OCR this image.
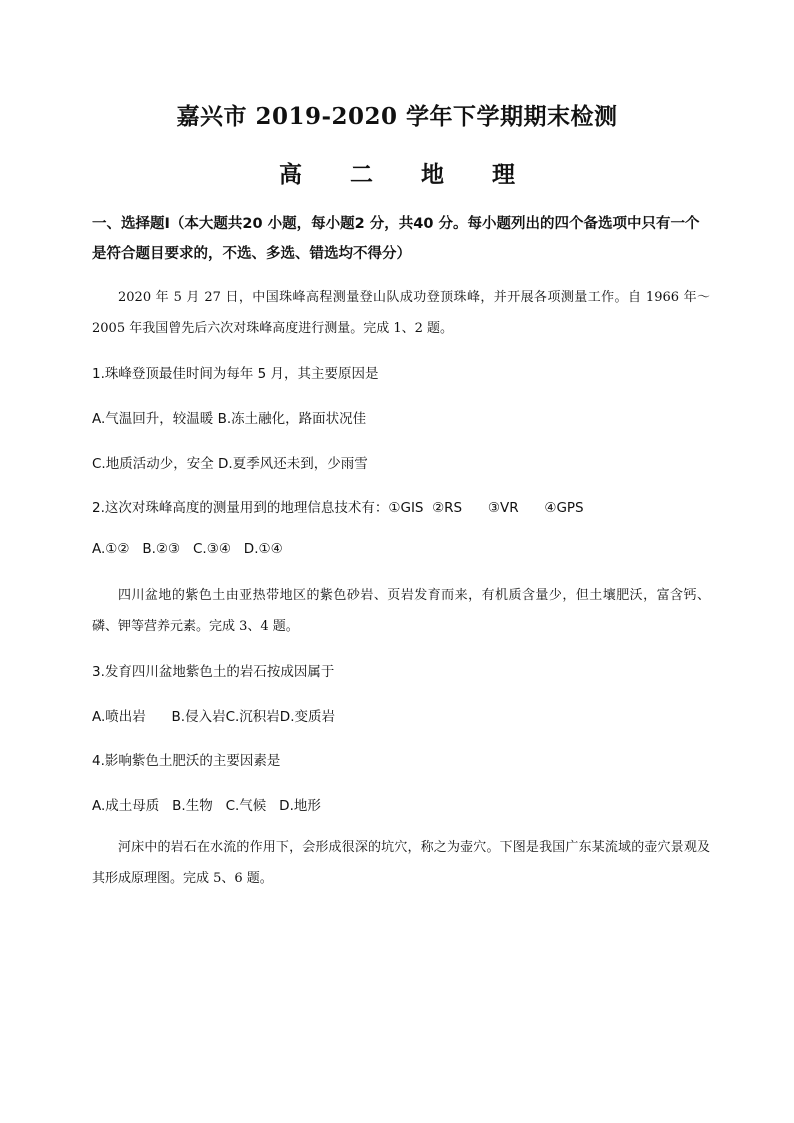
嘉兴市 2019-2020 学年下学期期末检测
高 二 地 理
一、选择题Ⅰ（本大题共20 小题，每小题2 分，共40 分。每小题列出的四个备选项中只有一个是符合题目要求的，不选、多选、错选均不得分）
2020 年 5 月 27 日，中国珠峰高程测量登山队成功登顶珠峰，并开展各项测量工作。自 1966 年～2005 年我国曾先后六次对珠峰高度进行测量。完成 1、2 题。
1.珠峰登顶最佳时间为每年 5 月，其主要原因是
A.气温回升，较温暖 B.冻土融化，路面状况佳
C.地质活动少，安全 D.夏季风还未到，少雨雪
2.这次对珠峰高度的测量用到的地理信息技术有：①GIS  ②RS      ③VR      ④GPS
A.①②   B.②③   C.③④   D.①④
四川盆地的紫色土由亚热带地区的紫色砂岩、页岩发育而来，有机质含量少，但土壤肥沃，富含钙、磷、钾等营养元素。完成 3、4 题。
3.发育四川盆地紫色土的岩石按成因属于
A.喷出岩      B.侵入岩C.沉积岩D.变质岩
4.影响紫色土肥沃的主要因素是
A.成土母质   B.生物   C.气候   D.地形
河床中的岩石在水流的作用下，会形成很深的坑穴，称之为壶穴。下图是我国广东某流域的壶穴景观及其形成原理图。完成 5、6 题。
